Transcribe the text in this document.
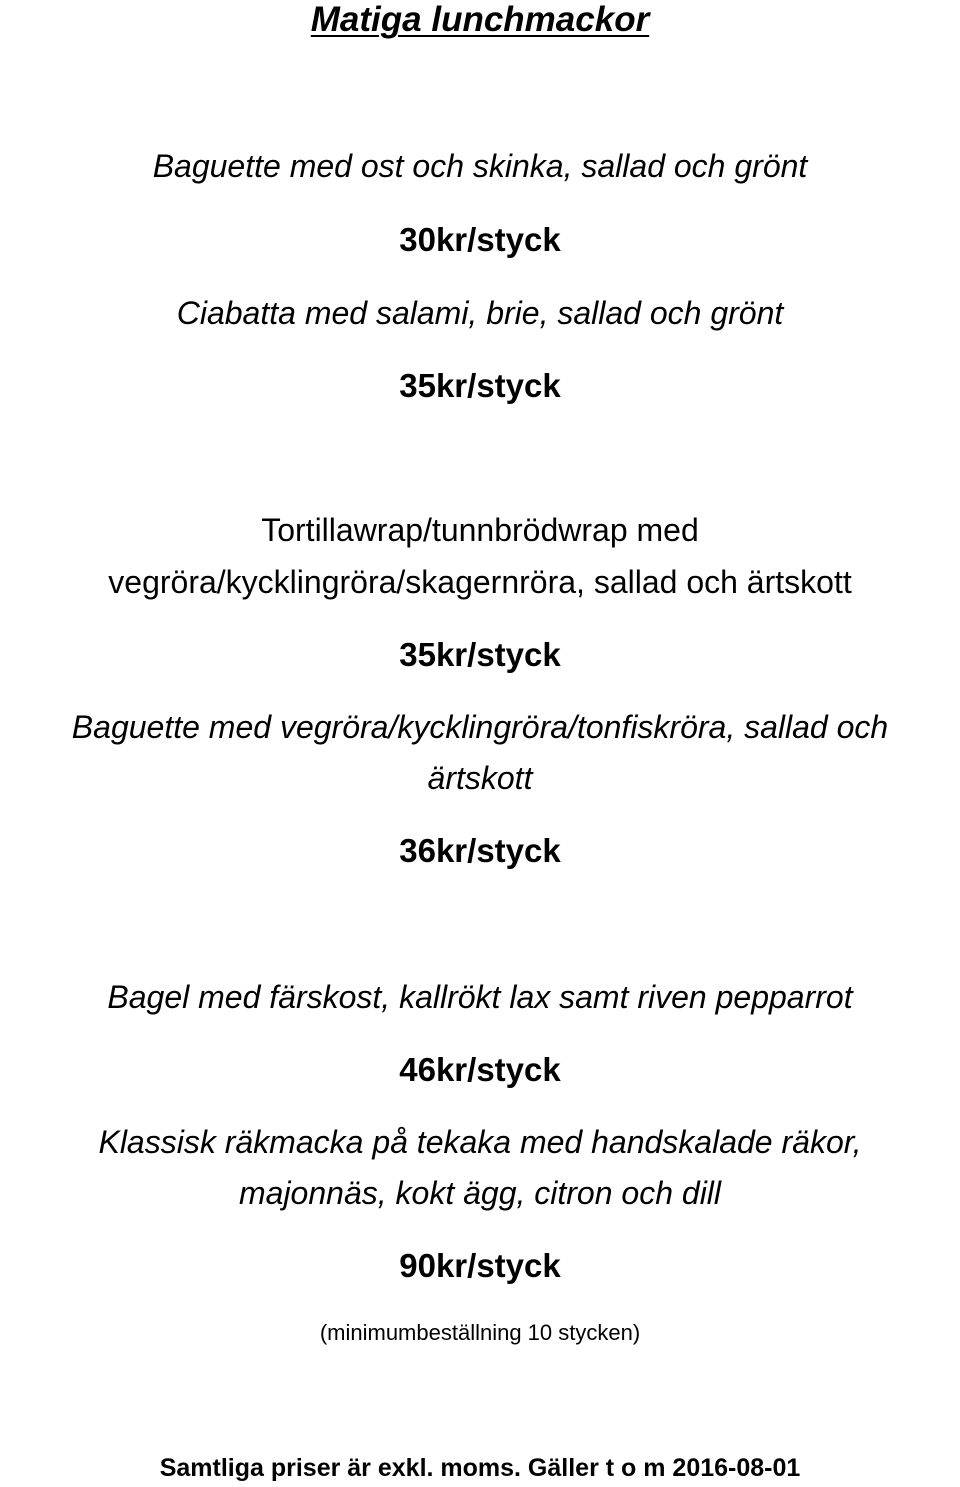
Matiga lunchmackor
Baguette med ost och skinka, sallad och grönt
30kr/styck
Ciabatta med salami, brie, sallad och grönt
35kr/styck
Tortillawrap/tunnbrödwrap med
vegröra/kycklingröra/skagernröra, sallad och ärtskott
35kr/styck
Baguette med vegröra/kycklingröra/tonfiskröra, sallad och
ärtskott
36kr/styck
Bagel med färskost, kallrökt lax samt riven pepparrot
46kr/styck
Klassisk räkmacka på tekaka med handskalade räkor,
majonnäs, kokt ägg, citron och dill
90kr/styck
(minimumbeställning 10 stycken)
Samtliga priser är exkl. moms. Gäller t o m 2016-08-01
